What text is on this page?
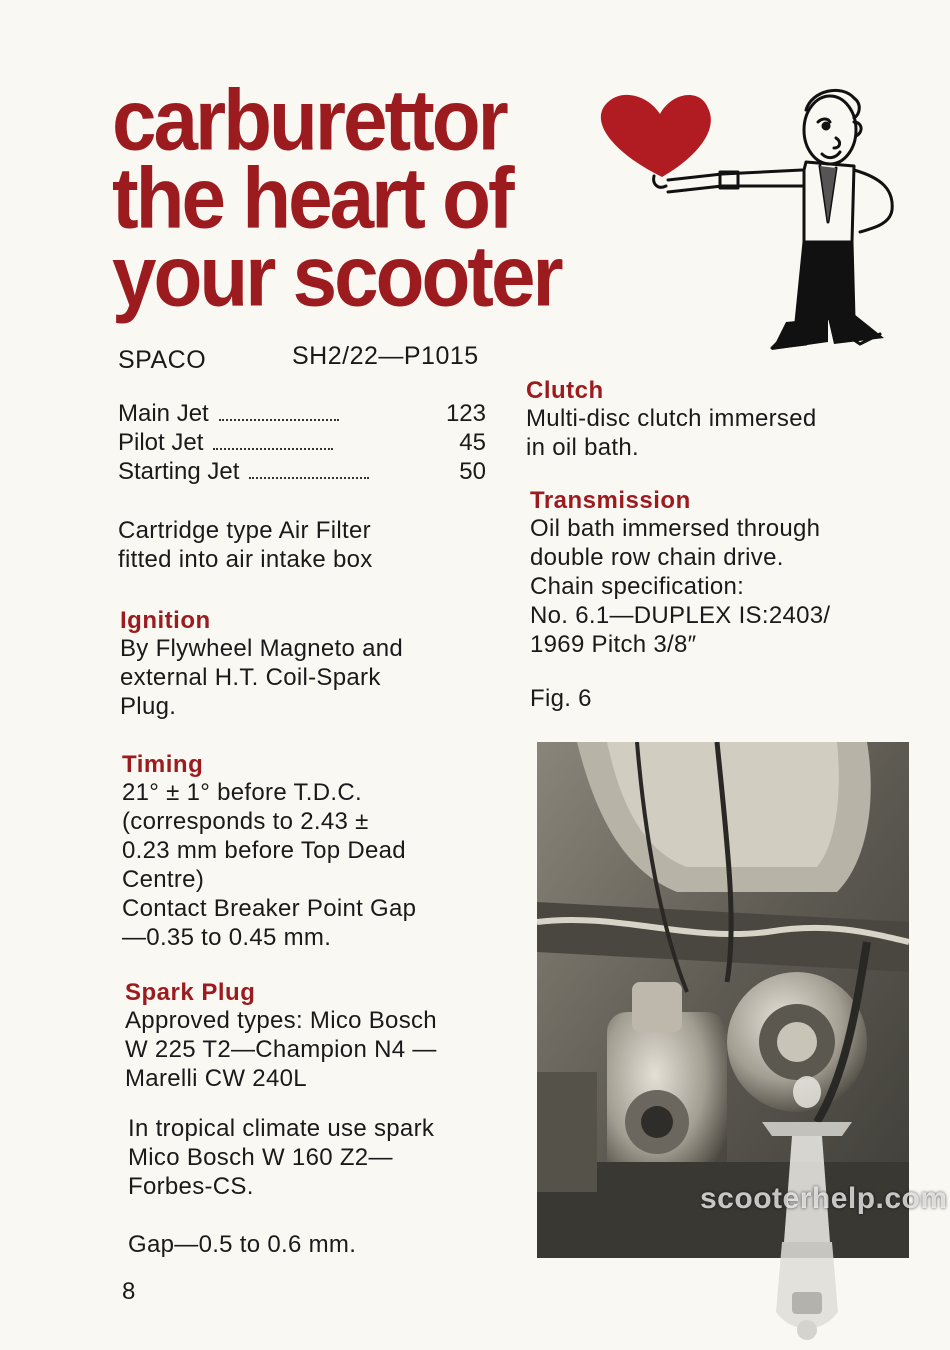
carburettor
the heart of
your scooter
SPACO	SH2/22—P1015
Main Jet	123
Pilot Jet	45
Starting Jet	50

Cartridge type Air Filter

fitted into air intake box

Ignition

By Flywheel Magneto and

external H.T. Coil-Spark

Plug.

Timing

21° ± 1° before T.D.C.

(corresponds to 2.43 ±

0.23 mm before Top Dead

Centre)

Contact Breaker Point Gap

—0.35 to 0.45 mm.

Spark Plug

Approved types: Mico Bosch

W 225 T2—Champion N4 —

Marelli CW 240L

In tropical climate use spark

Mico Bosch W 160 Z2—

Forbes-CS.

Gap—0.5 to 0.6 mm.

8
Clutch

Multi-disc clutch immersed

in oil bath.

Transmission

Oil bath immersed through

double row chain drive.

Chain specification:

No. 6.1—DUPLEX IS:2403/

1969 Pitch 3/8″

Fig. 6
scooterhelp.com
